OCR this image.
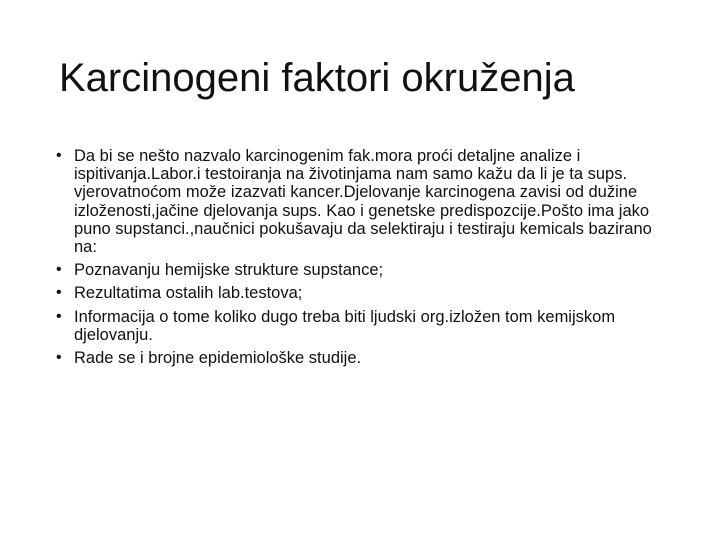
Karcinogeni faktori okruženja
• Da bi se nešto nazvalo karcinogenim fak.mora proći detaljne analize i ispitivanja.Labor.i testoiranja na životinjama nam samo kažu da li je ta sups. vjerovatnoćom može izazvati kancer.Djelovanje karcinogena zavisi od dužine izloženosti,jačine djelovanja sups. Kao i genetske predispozcije.Pošto ima jako puno supstanci.,naučnici pokušavaju da selektiraju i testiraju kemicals bazirano na:
• Poznavanju hemijske strukture supstance;
• Rezultatima ostalih lab.testova;
• Informacija o tome koliko dugo treba biti ljudski org.izložen tom kemijskom djelovanju.
• Rade se i brojne epidemiološke studije.
